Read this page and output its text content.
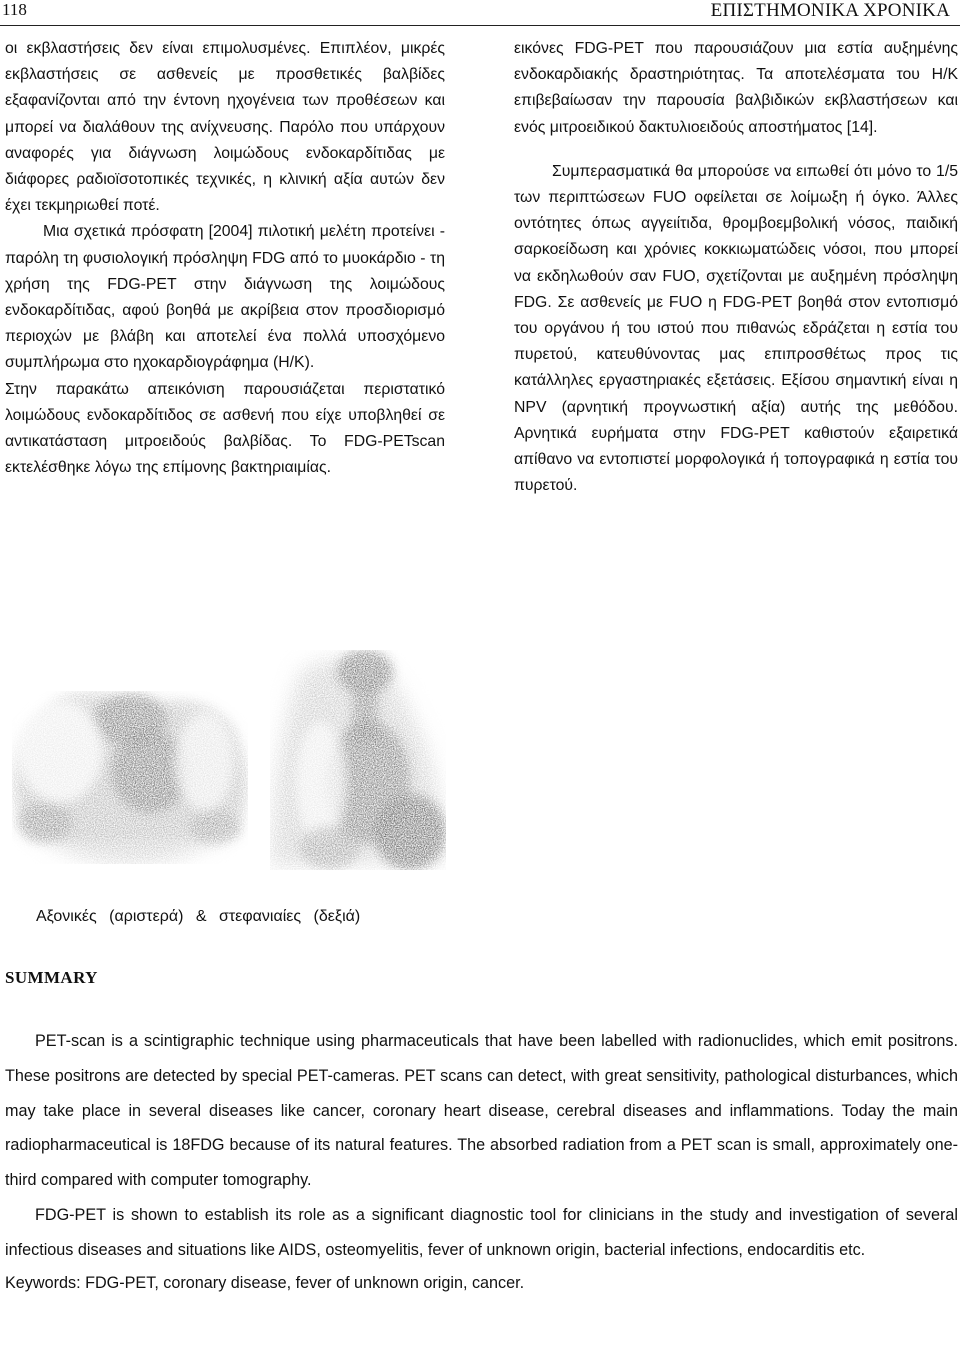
118	ΕΠΙΣΤΗΜΟΝΙΚΑ ΧΡΟΝΙΚΑ

οι εκβλαστήσεις δεν είναι επιμολυσμένες. Επιπλέον, μικρές εκβλαστήσεις σε ασθενείς με προσθετικές βαλβίδες εξαφανίζονται από την έντονη ηχογένεια των προθέσεων και μπορεί να διαλάθουν της ανίχνευσης. Παρόλο που υπάρχουν αναφορές για διάγνωση λοιμώδους ενδοκαρδίτιδας με διάφορες ραδιοϊσοτοπικές τεχνικές, η κλινική αξία αυτών δεν έχει τεκμηριωθεί ποτέ.

Μια σχετικά πρόσφατη [2004] πιλοτική μελέτη προτείνει - παρόλη τη φυσιολογική πρόσληψη FDG από το μυοκάρδιο - τη χρήση της FDG-PET στην διάγνωση της λοιμώδους ενδοκαρδίτιδας, αφού βοηθά με ακρίβεια στον προσδιορισμό περιοχών με βλάβη και αποτελεί ένα πολλά υποσχόμενο συμπλήρωμα στο ηχοκαρδιογράφημα (Η/Κ).

Στην παρακάτω απεικόνιση παρουσιάζεται περιστατικό λοιμώδους ενδοκαρδίτιδος σε ασθενή που είχε υποβληθεί σε αντικατάσταση μιτροειδούς βαλβίδας. Το FDG-PETscan εκτελέσθηκε λόγω της επίμονης βακτηριαιμίας.

εικόνες FDG-PET που παρουσιάζουν μια εστία αυξημένης ενδοκαρδιακής δραστηριότητας. Τα αποτελέσματα του Η/Κ επιβεβαίωσαν την παρουσία βαλβιδικών εκβλαστήσεων και ενός μιτροειδικού δακτυλιοειδούς αποστήματος [14].

Συμπερασματικά θα μπορούσε να ειπωθεί ότι μόνο το 1/5 των περιπτώσεων FUO οφείλεται σε λοίμωξη ή όγκο. Άλλες οντότητες όπως αγγειίτιδα, θρομβοεμβολική νόσος, παιδική σαρκοείδωση και χρόνιες κοκκιωματώδεις νόσοι, που μπορεί να εκδηλωθούν σαν FUO, σχετίζονται με αυξημένη πρόσληψη FDG. Σε ασθενείς με FUO η FDG-PET βοηθά στον εντοπισμό του οργάνου ή του ιστού που πιθανώς εδράζεται η εστία του πυρετού, κατευθύνοντας μας επιπροσθέτως προς τις κατάλληλες εργαστηριακές εξετάσεις. Εξίσου σημαντική είναι η NPV (αρνητική προγνωστική αξία) αυτής της μεθόδου. Αρνητικά ευρήματα στην FDG-PET καθιστούν εξαιρετικά απίθανο να εντοπιστεί μορφολογικά ή τοπογραφικά η εστία του πυρετού.

Αξονικές (αριστερά) & στεφανιαίες (δεξιά)
SUMMARY

PET-scan is a scintigraphic technique using pharmaceuticals that have been labelled with radionuclides, which emit positrons. These positrons are detected by special PET-cameras. PET scans can detect, with great sensitivity, pathological disturbances, which may take place in several diseases like cancer, coronary heart disease, cerebral diseases and inflammations. Today the main radiopharmaceutical is 18FDG because of its natural features. The absorbed radiation from a PET scan is small, approximately one-third compared with computer tomography.

FDG-PET is shown to establish its role as a significant diagnostic tool for clinicians in the study and investigation of several infectious diseases and situations like AIDS, osteomyelitis, fever of unknown origin, bacterial infections, endocarditis etc.

Keywords: FDG-PET, coronary disease, fever of unknown origin, cancer.
